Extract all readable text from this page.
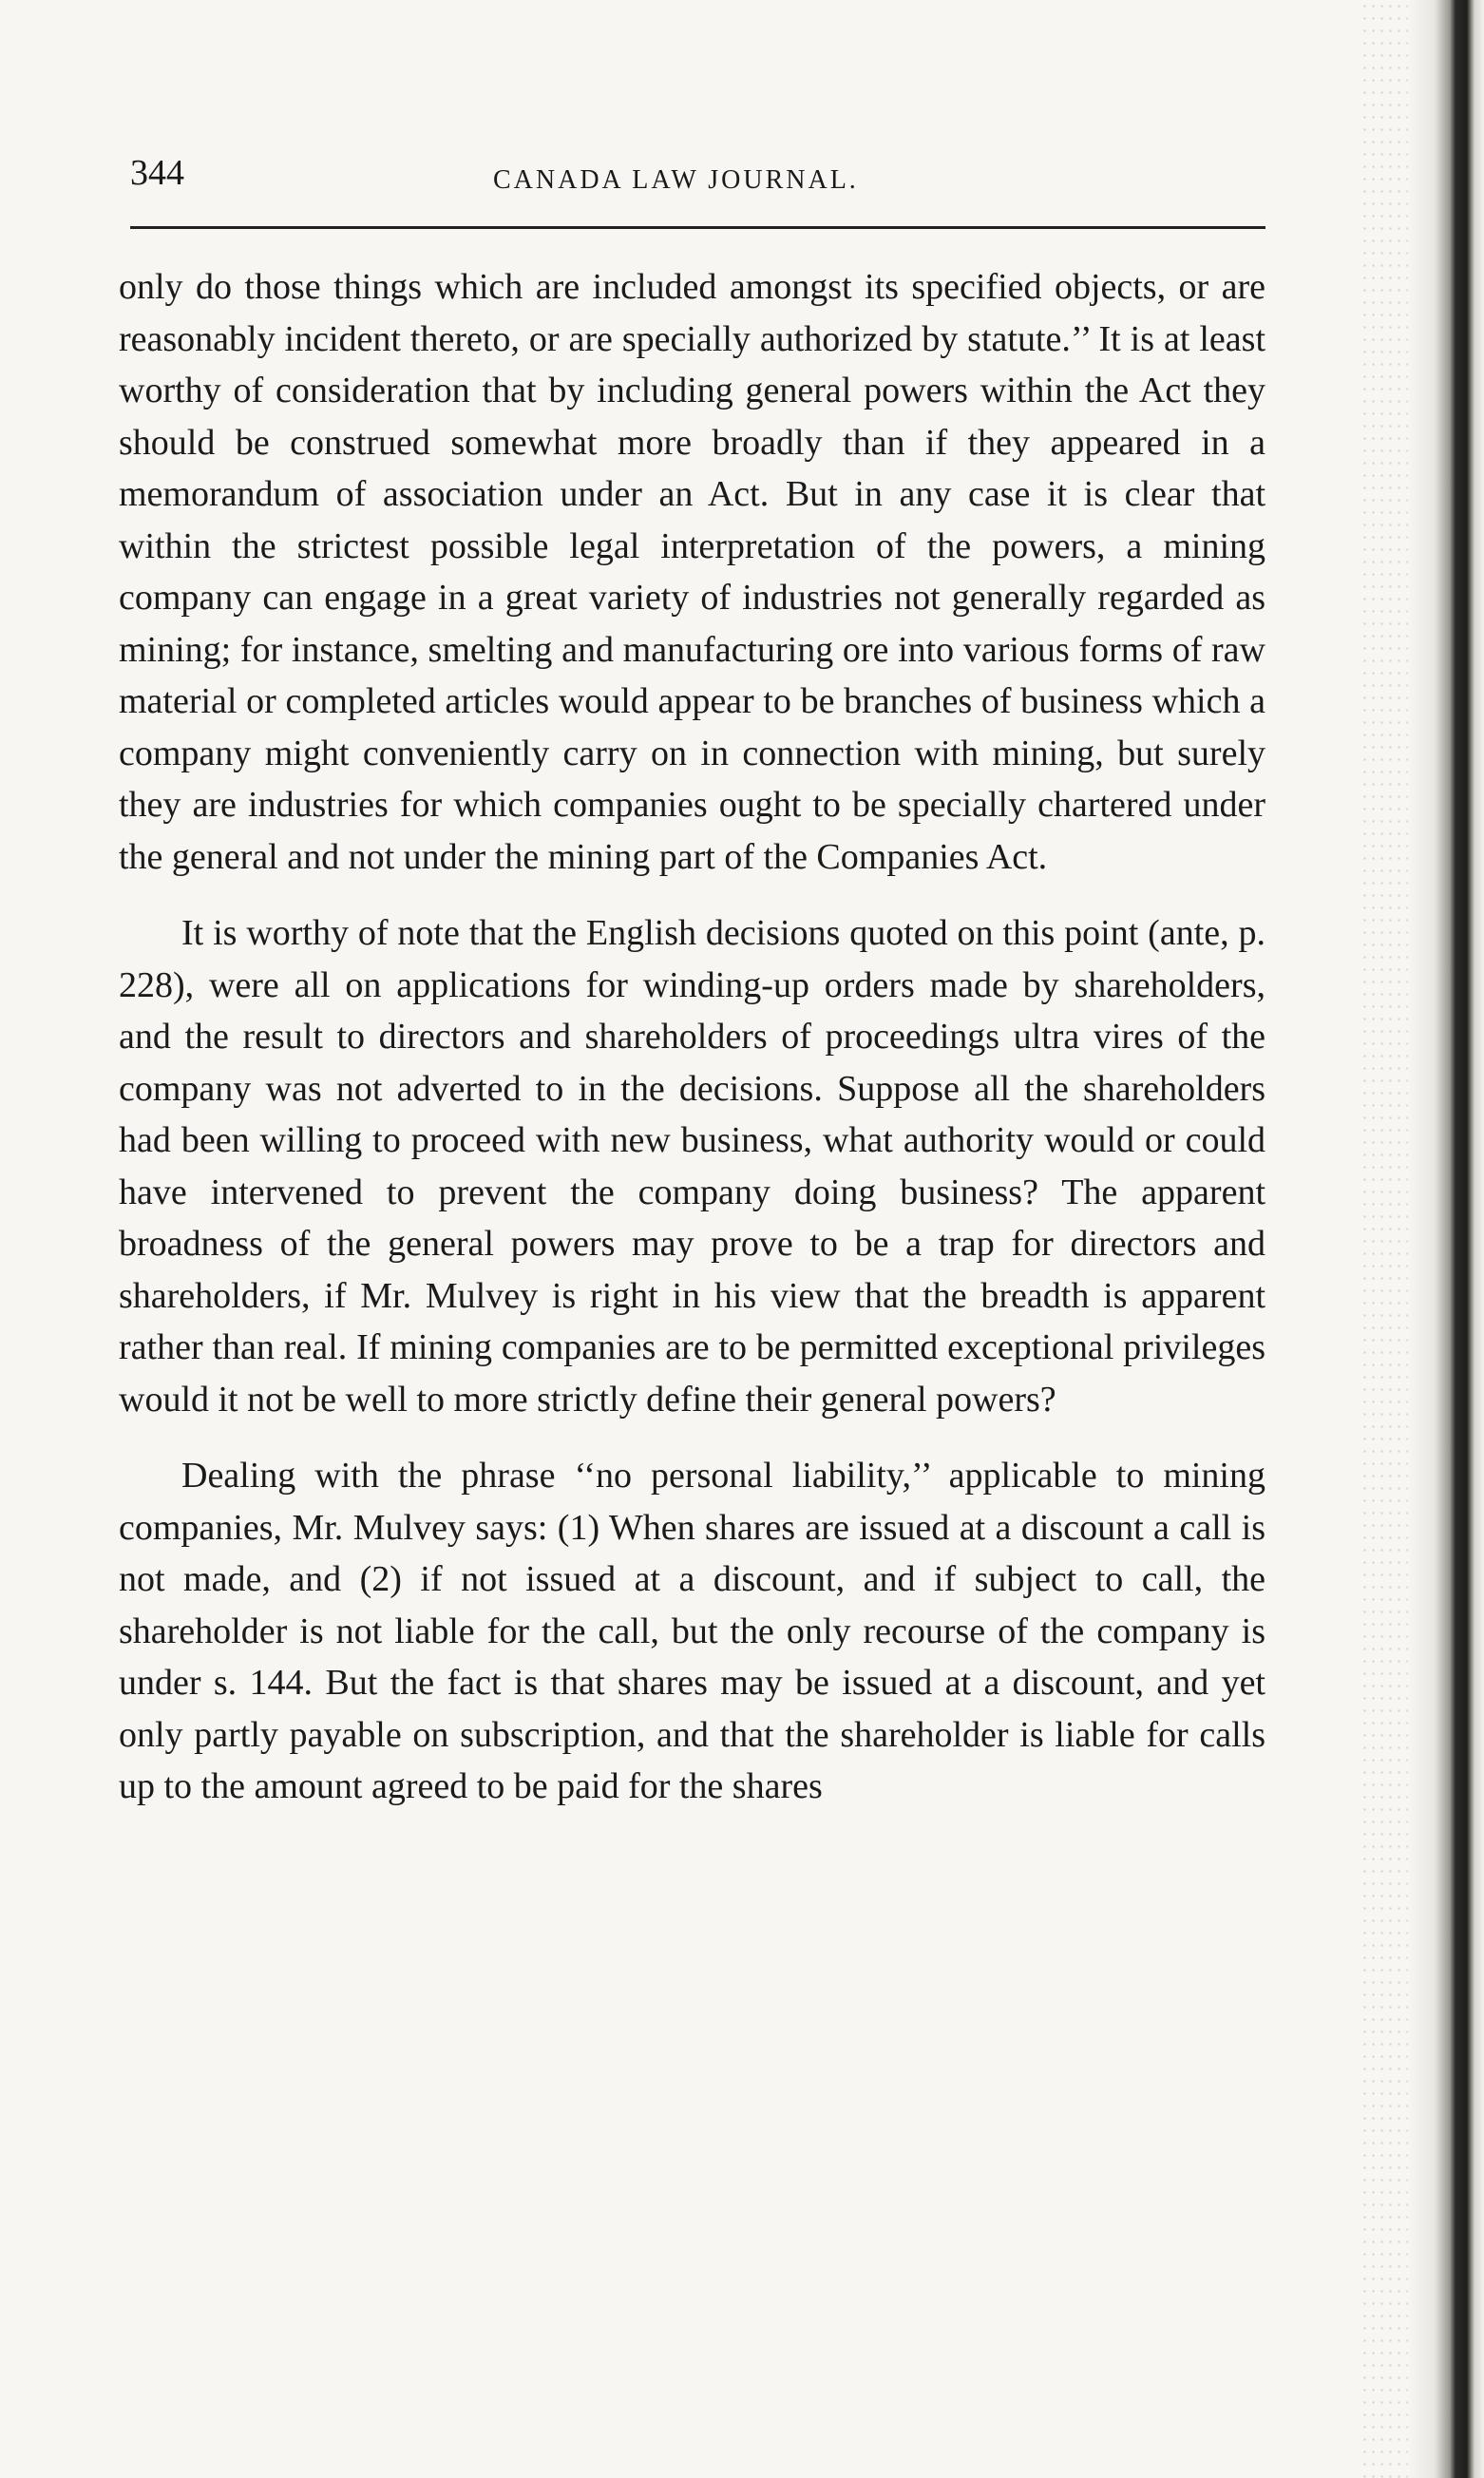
344	CANADA LAW JOURNAL.

only do those things which are included amongst its specified objects, or are reasonably incident thereto, or are specially authorized by statute.’’ It is at least worthy of consideration that by including general powers within the Act they should be construed somewhat more broadly than if they appeared in a memorandum of association under an Act. But in any case it is clear that within the strictest possible legal interpretation of the powers, a mining company can engage in a great variety of industries not generally regarded as mining; for instance, smelting and manufacturing ore into various forms of raw material or completed articles would appear to be branches of business which a company might conveniently carry on in connection with mining, but surely they are industries for which companies ought to be specially chartered under the general and not under the mining part of the Companies Act.

It is worthy of note that the English decisions quoted on this point (ante, p. 228), were all on applications for winding-up orders made by shareholders, and the result to directors and shareholders of proceedings ultra vires of the company was not adverted to in the decisions. Suppose all the shareholders had been willing to proceed with new business, what authority would or could have intervened to prevent the company doing business? The apparent broadness of the general powers may prove to be a trap for directors and shareholders, if Mr. Mulvey is right in his view that the breadth is apparent rather than real. If mining companies are to be permitted exceptional privileges would it not be well to more strictly define their general powers?

Dealing with the phrase ‘‘no personal liability,’’ applicable to mining companies, Mr. Mulvey says: (1) When shares are issued at a discount a call is not made, and (2) if not issued at a discount, and if subject to call, the shareholder is not liable for the call, but the only recourse of the company is under s. 144. But the fact is that shares may be issued at a discount, and yet only partly payable on subscription, and that the shareholder is liable for calls up to the amount agreed to be paid for the shares
